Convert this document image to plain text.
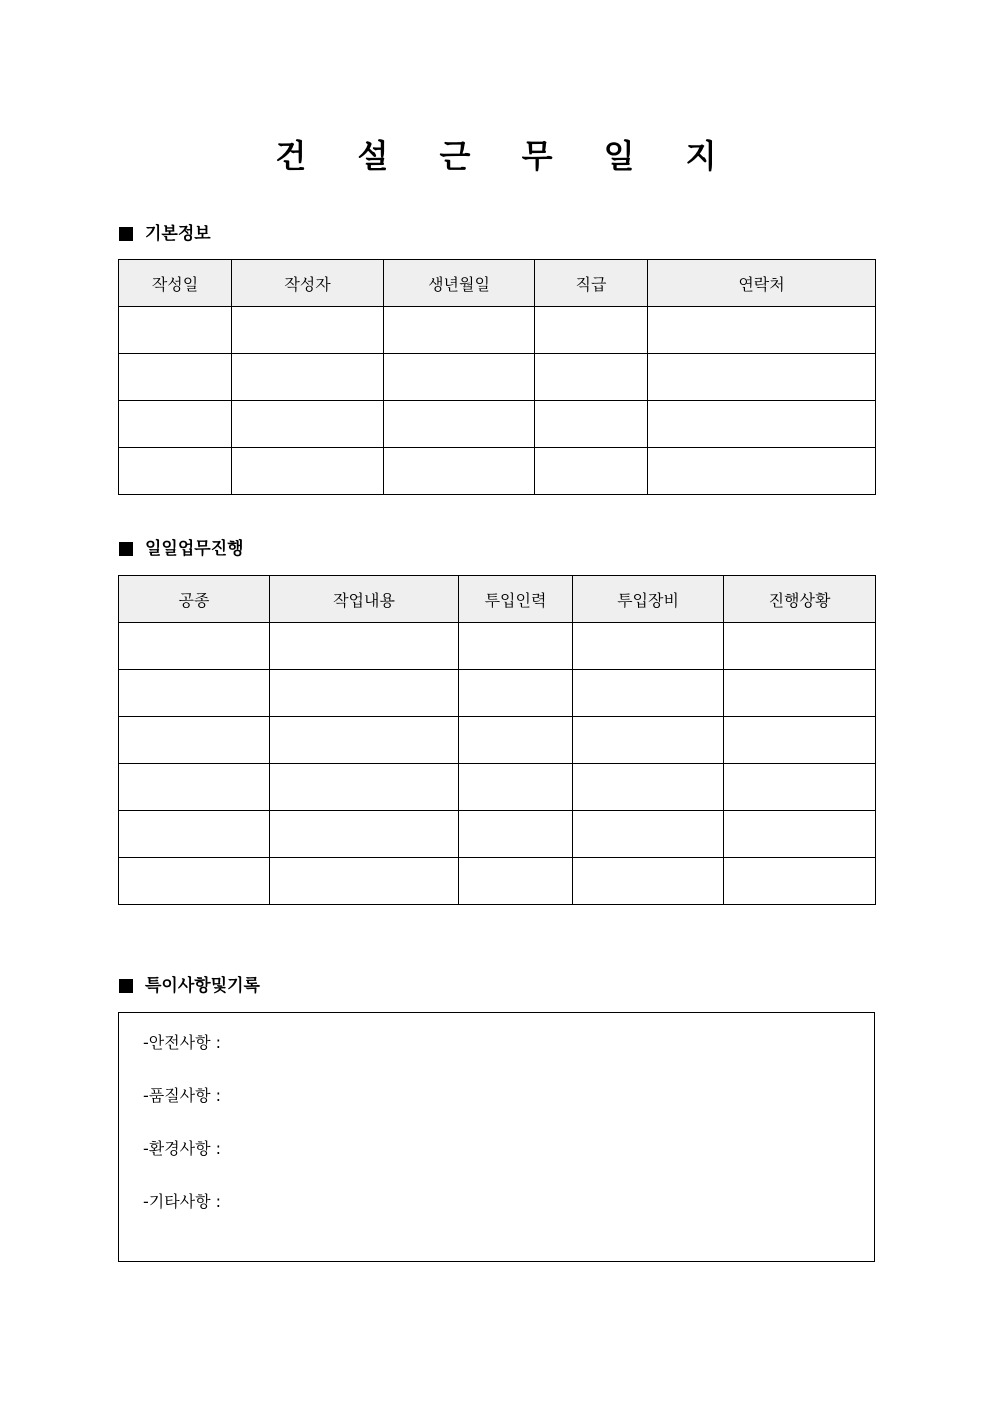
건 설 근 무 일 지
기본정보
작성일	작성자	생년월일	직급	연락처

일일업무진행
공종	작업내용	투입인력	투입장비	진행상황

특이사항및기록
-안전사항 :
-품질사항 :
-환경사항 :
-기타사항 :
